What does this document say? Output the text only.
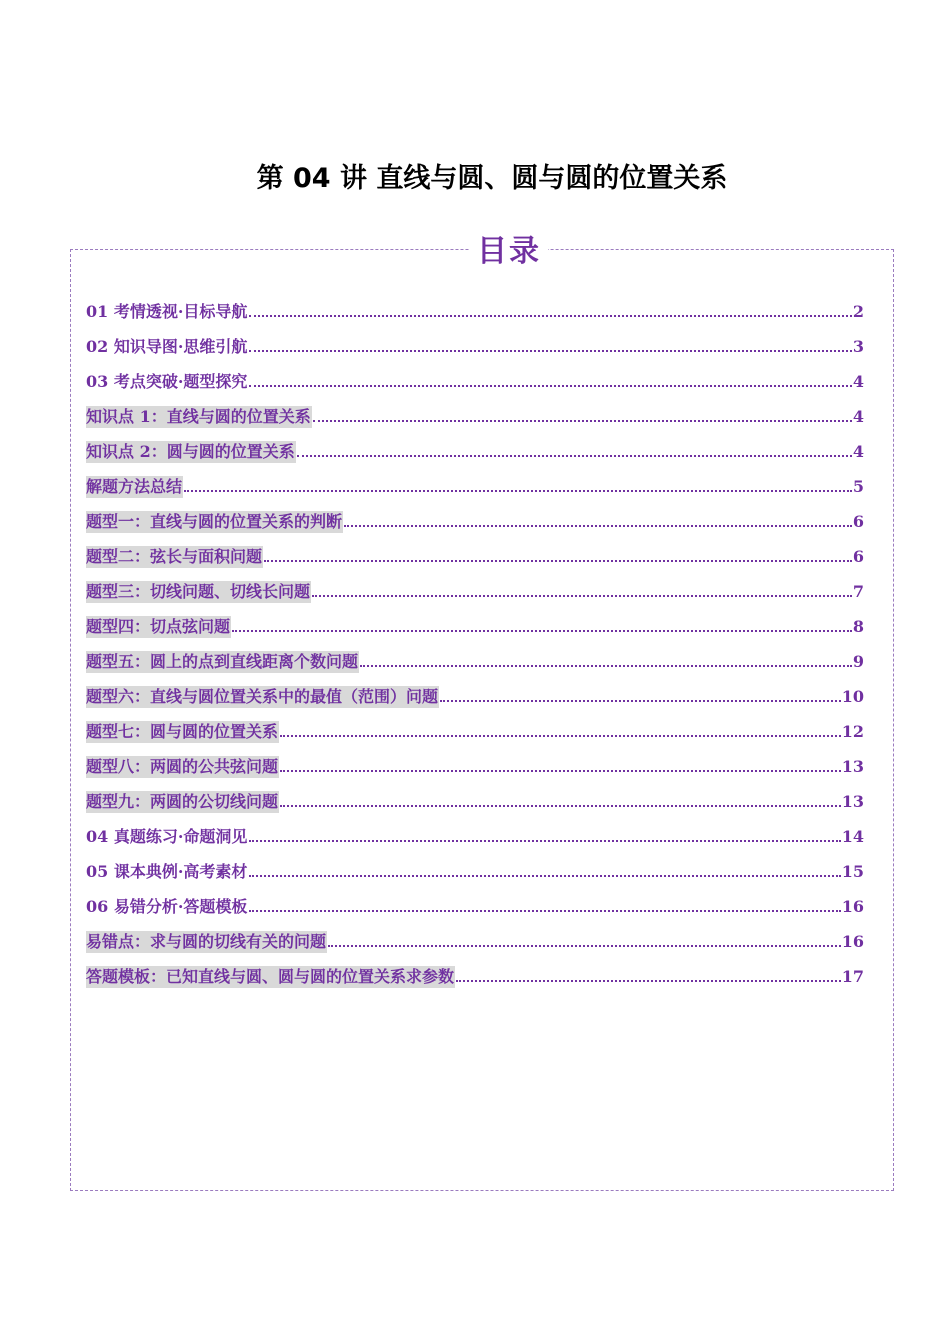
第 04 讲 直线与圆、圆与圆的位置关系
目录
01 考情透视·目标导航	2
02 知识导图·思维引航	3
03 考点突破·题型探究	4
知识点 1：直线与圆的位置关系	4
知识点 2：圆与圆的位置关系	4
解题方法总结	5
题型一：直线与圆的位置关系的判断	6
题型二：弦长与面积问题	6
题型三：切线问题、切线长问题	7
题型四：切点弦问题	8
题型五：圆上的点到直线距离个数问题	9
题型六：直线与圆位置关系中的最值（范围）问题	10
题型七：圆与圆的位置关系	12
题型八：两圆的公共弦问题	13
题型九：两圆的公切线问题	13
04 真题练习·命题洞见	14
05 课本典例·高考素材	15
06 易错分析·答题模板	16
易错点：求与圆的切线有关的问题	16
答题模板：已知直线与圆、圆与圆的位置关系求参数	17
